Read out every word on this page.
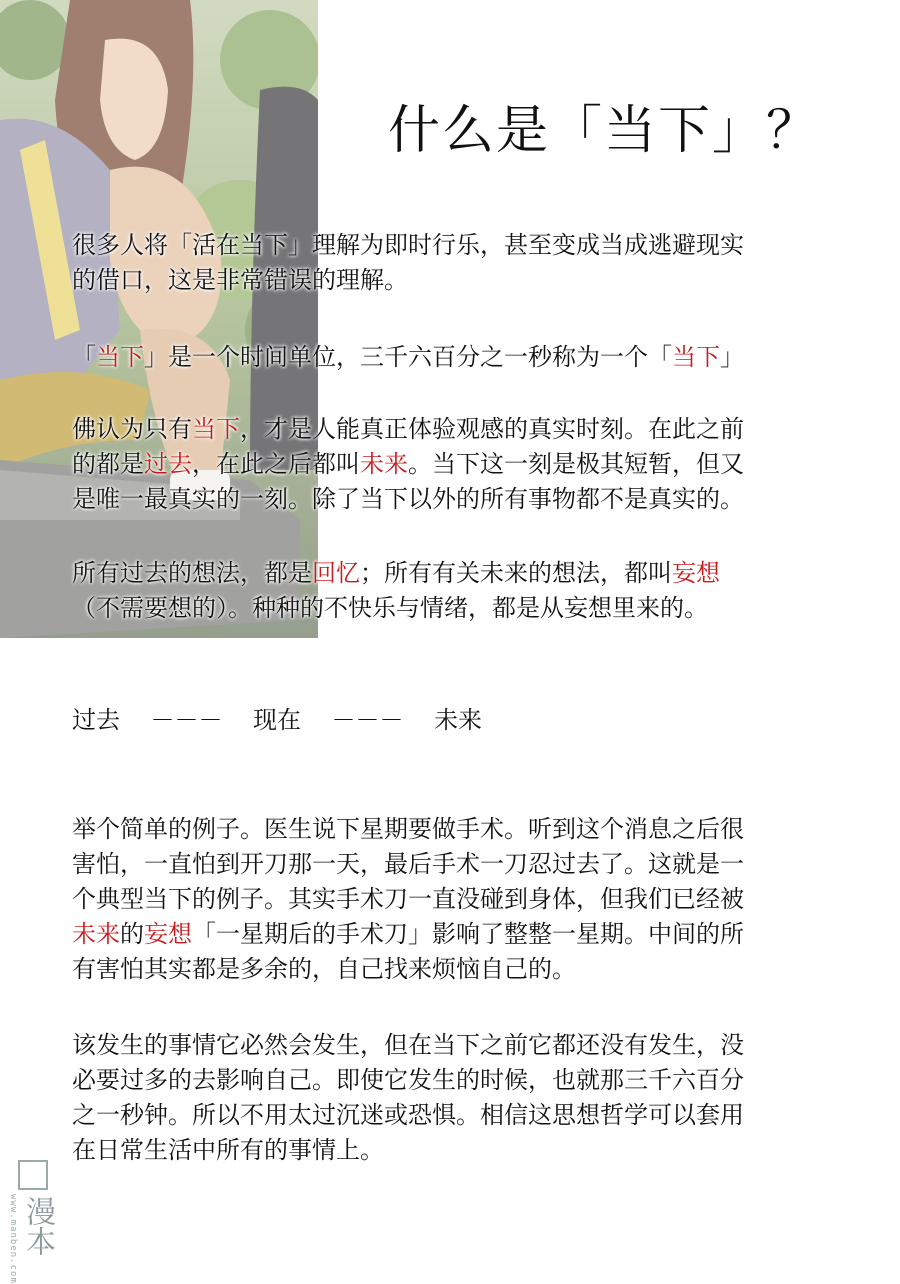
什么是「当下」？
很多人将「活在当下」理解为即时行乐，甚至变成当成逃避现实
的借口，这是非常错误的理解。
「当下」是一个时间单位，三千六百分之一秒称为一个「当下」
佛认为只有当下，才是人能真正体验观感的真实时刻。在此之前
的都是过去，在此之后都叫未来。当下这一刻是极其短暂，但又
是唯一最真实的一刻。除了当下以外的所有事物都不是真实的。
所有过去的想法，都是回忆；所有有关未来的想法，都叫妄想
（不需要想的）。种种的不快乐与情绪，都是从妄想里来的。
过去 －－－ 现在 －－－ 未来
举个简单的例子。医生说下星期要做手术。听到这个消息之后很
害怕，一直怕到开刀那一天，最后手术一刀忍过去了。这就是一
个典型当下的例子。其实手术刀一直没碰到身体，但我们已经被
未来的妄想「一星期后的手术刀」影响了整整一星期。中间的所
有害怕其实都是多余的，自己找来烦恼自己的。
该发生的事情它必然会发生，但在当下之前它都还没有发生，没
必要过多的去影响自己。即使它发生的时候，也就那三千六百分
之一秒钟。所以不用太过沉迷或恐惧。相信这思想哲学可以套用
在日常生活中所有的事情上。
www.manben.com 漫本
